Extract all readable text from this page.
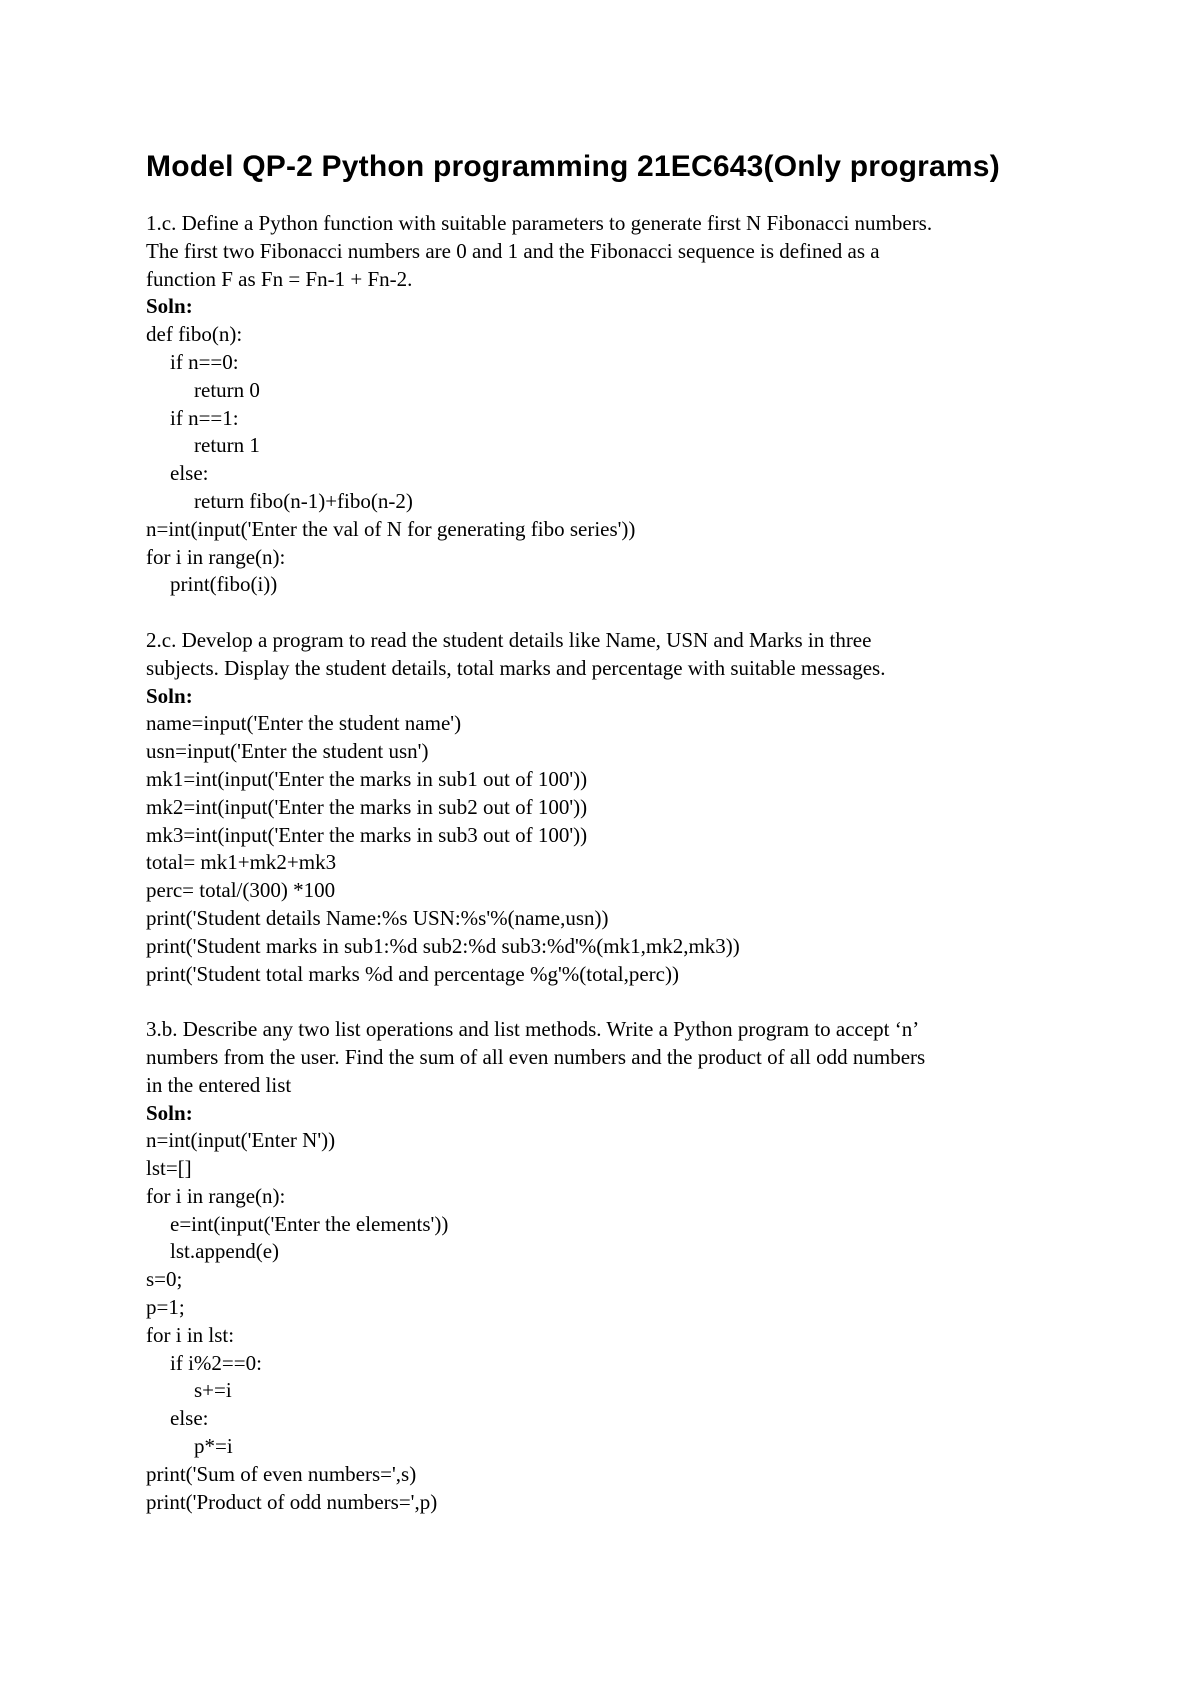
Model QP-2 Python programming 21EC643(Only programs)
1.c. Define a Python function with suitable parameters to generate first N Fibonacci numbers.
The first two Fibonacci numbers are 0 and 1 and the Fibonacci sequence is defined as a
function F as Fn = Fn-1 + Fn-2.
Soln:
def fibo(n):
if n==0:
return 0
if n==1:
return 1
else:
return fibo(n-1)+fibo(n-2)
n=int(input('Enter the val of N for generating fibo series'))
for i in range(n):
print(fibo(i))
2.c. Develop a program to read the student details like Name, USN and Marks in three
subjects. Display the student details, total marks and percentage with suitable messages.
Soln:
name=input('Enter the student name')
usn=input('Enter the student usn')
mk1=int(input('Enter the marks in sub1 out of 100'))
mk2=int(input('Enter the marks in sub2 out of 100'))
mk3=int(input('Enter the marks in sub3 out of 100'))
total= mk1+mk2+mk3
perc= total/(300) *100
print('Student details Name:%s USN:%s'%(name,usn))
print('Student marks in sub1:%d sub2:%d sub3:%d'%(mk1,mk2,mk3))
print('Student total marks %d and percentage %g'%(total,perc))
3.b. Describe any two list operations and list methods. Write a Python program to accept ‘n’
numbers from the user. Find the sum of all even numbers and the product of all odd numbers
in the entered list
Soln:
n=int(input('Enter N'))
lst=[]
for i in range(n):
e=int(input('Enter the elements'))
lst.append(e)
s=0;
p=1;
for i in lst:
if i%2==0:
s+=i
else:
p*=i
print('Sum of even numbers=',s)
print('Product of odd numbers=',p)
